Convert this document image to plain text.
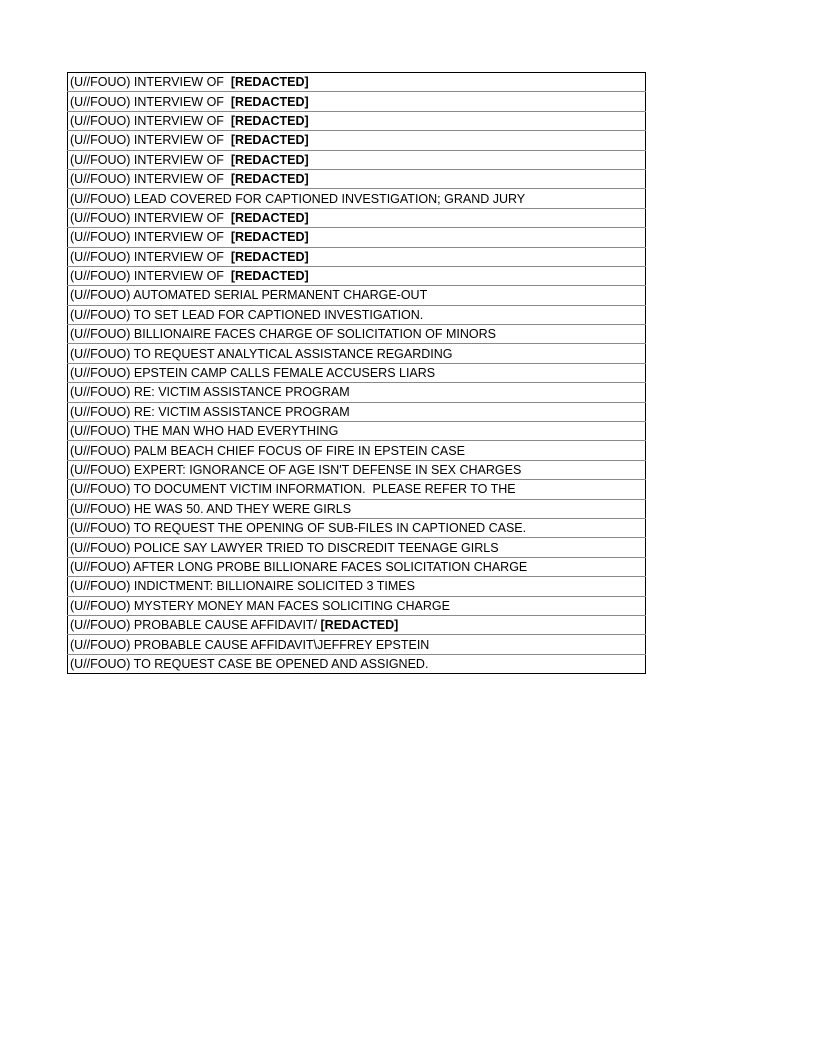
(U//FOUO) INTERVIEW OF  [REDACTED]
(U//FOUO) INTERVIEW OF  [REDACTED]
(U//FOUO) INTERVIEW OF  [REDACTED]
(U//FOUO) INTERVIEW OF  [REDACTED]
(U//FOUO) INTERVIEW OF  [REDACTED]
(U//FOUO) INTERVIEW OF  [REDACTED]
(U//FOUO) LEAD COVERED FOR CAPTIONED INVESTIGATION; GRAND JURY
(U//FOUO) INTERVIEW OF  [REDACTED]
(U//FOUO) INTERVIEW OF  [REDACTED]
(U//FOUO) INTERVIEW OF  [REDACTED]
(U//FOUO) INTERVIEW OF  [REDACTED]
(U//FOUO) AUTOMATED SERIAL PERMANENT CHARGE-OUT
(U//FOUO) TO SET LEAD FOR CAPTIONED INVESTIGATION.
(U//FOUO) BILLIONAIRE FACES CHARGE OF SOLICITATION OF MINORS
(U//FOUO) TO REQUEST ANALYTICAL ASSISTANCE REGARDING
(U//FOUO) EPSTEIN CAMP CALLS FEMALE ACCUSERS LIARS
(U//FOUO) RE: VICTIM ASSISTANCE PROGRAM
(U//FOUO) RE: VICTIM ASSISTANCE PROGRAM
(U//FOUO) THE MAN WHO HAD EVERYTHING
(U//FOUO) PALM BEACH CHIEF FOCUS OF FIRE IN EPSTEIN CASE
(U//FOUO) EXPERT: IGNORANCE OF AGE ISN'T DEFENSE IN SEX CHARGES
(U//FOUO) TO DOCUMENT VICTIM INFORMATION.  PLEASE REFER TO THE
(U//FOUO) HE WAS 50. AND THEY WERE GIRLS
(U//FOUO) TO REQUEST THE OPENING OF SUB-FILES IN CAPTIONED CASE.
(U//FOUO) POLICE SAY LAWYER TRIED TO DISCREDIT TEENAGE GIRLS
(U//FOUO) AFTER LONG PROBE BILLIONARE FACES SOLICITATION CHARGE
(U//FOUO) INDICTMENT: BILLIONAIRE SOLICITED 3 TIMES
(U//FOUO) MYSTERY MONEY MAN FACES SOLICITING CHARGE
(U//FOUO) PROBABLE CAUSE AFFIDAVIT/ [REDACTED]
(U//FOUO) PROBABLE CAUSE AFFIDAVIT\JEFFREY EPSTEIN
(U//FOUO) TO REQUEST CASE BE OPENED AND ASSIGNED.
